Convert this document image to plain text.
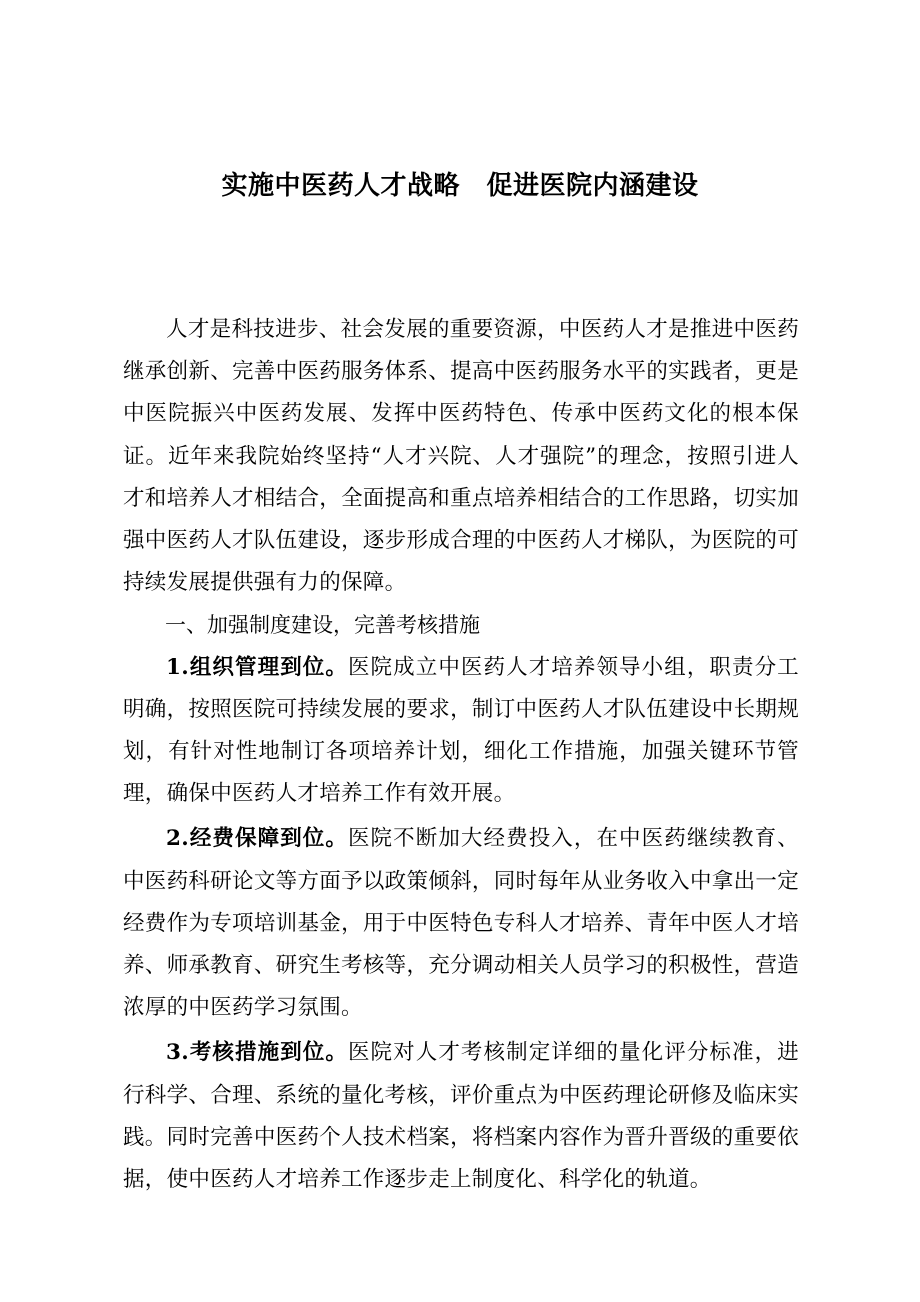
实施中医药人才战略　促进医院内涵建设

人才是科技进步、社会发展的重要资源，中医药人才是推进中医药继承创新、完善中医药服务体系、提高中医药服务水平的实践者，更是中医院振兴中医药发展、发挥中医药特色、传承中医药文化的根本保证。近年来我院始终坚持“人才兴院、人才强院”的理念，按照引进人才和培养人才相结合，全面提高和重点培养相结合的工作思路，切实加强中医药人才队伍建设，逐步形成合理的中医药人才梯队，为医院的可持续发展提供强有力的保障。

一、加强制度建设，完善考核措施

1.组织管理到位。医院成立中医药人才培养领导小组，职责分工明确，按照医院可持续发展的要求，制订中医药人才队伍建设中长期规划，有针对性地制订各项培养计划，细化工作措施，加强关键环节管理，确保中医药人才培养工作有效开展。

2.经费保障到位。医院不断加大经费投入，在中医药继续教育、中医药科研论文等方面予以政策倾斜，同时每年从业务收入中拿出一定经费作为专项培训基金，用于中医特色专科人才培养、青年中医人才培养、师承教育、研究生考核等，充分调动相关人员学习的积极性，营造浓厚的中医药学习氛围。

3.考核措施到位。医院对人才考核制定详细的量化评分标准，进行科学、合理、系统的量化考核，评价重点为中医药理论研修及临床实践。同时完善中医药个人技术档案，将档案内容作为晋升晋级的重要依据，使中医药人才培养工作逐步走上制度化、科学化的轨道。
